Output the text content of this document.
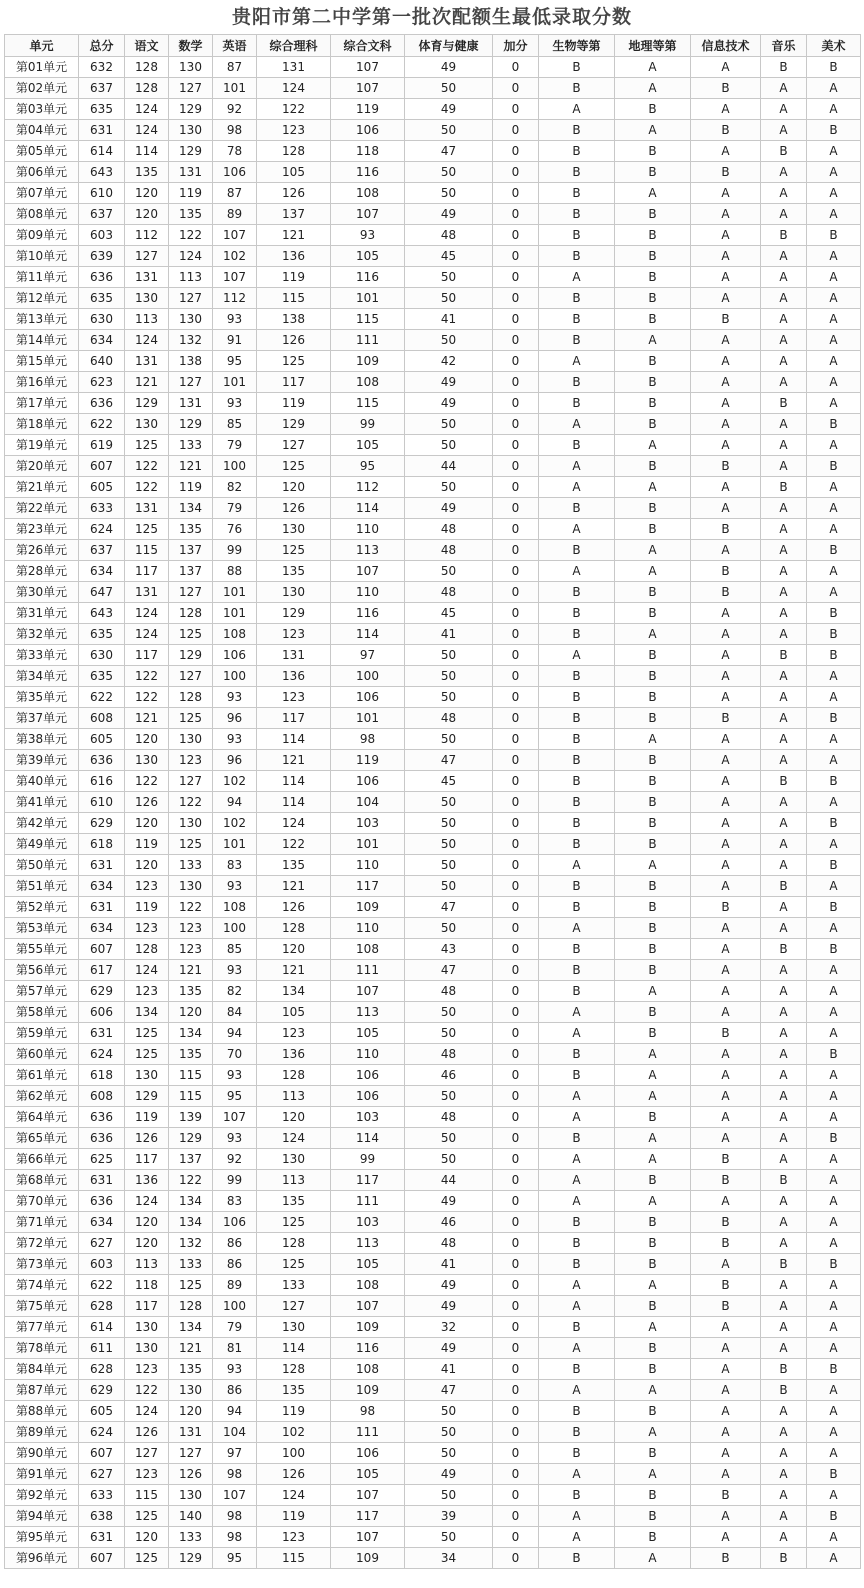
贵阳市第二中学第一批次配额生最低录取分数
单元	总分	语文	数学	英语	综合理科	综合文科	体育与健康	加分	生物等第	地理等第	信息技术	音乐	美术
第01单元	632	128	130	87	131	107	49	0	B	A	A	B	B
第02单元	637	128	127	101	124	107	50	0	B	A	B	A	A
第03单元	635	124	129	92	122	119	49	0	A	B	A	A	A
第04单元	631	124	130	98	123	106	50	0	B	A	B	A	B
第05单元	614	114	129	78	128	118	47	0	B	B	A	B	A
第06单元	643	135	131	106	105	116	50	0	B	B	B	A	A
第07单元	610	120	119	87	126	108	50	0	B	A	A	A	A
第08单元	637	120	135	89	137	107	49	0	B	B	A	A	A
第09单元	603	112	122	107	121	93	48	0	B	B	A	B	B
第10单元	639	127	124	102	136	105	45	0	B	B	A	A	A
第11单元	636	131	113	107	119	116	50	0	A	B	A	A	A
第12单元	635	130	127	112	115	101	50	0	B	B	A	A	A
第13单元	630	113	130	93	138	115	41	0	B	B	B	A	A
第14单元	634	124	132	91	126	111	50	0	B	A	A	A	A
第15单元	640	131	138	95	125	109	42	0	A	B	A	A	A
第16单元	623	121	127	101	117	108	49	0	B	B	A	A	A
第17单元	636	129	131	93	119	115	49	0	B	B	A	B	A
第18单元	622	130	129	85	129	99	50	0	A	B	A	A	B
第19单元	619	125	133	79	127	105	50	0	B	A	A	A	A
第20单元	607	122	121	100	125	95	44	0	A	B	B	A	B
第21单元	605	122	119	82	120	112	50	0	A	A	A	B	A
第22单元	633	131	134	79	126	114	49	0	B	B	A	A	A
第23单元	624	125	135	76	130	110	48	0	A	B	B	A	A
第26单元	637	115	137	99	125	113	48	0	B	A	A	A	B
第28单元	634	117	137	88	135	107	50	0	A	A	B	A	A
第30单元	647	131	127	101	130	110	48	0	B	B	B	A	A
第31单元	643	124	128	101	129	116	45	0	B	B	A	A	B
第32单元	635	124	125	108	123	114	41	0	B	A	A	A	B
第33单元	630	117	129	106	131	97	50	0	A	B	A	B	B
第34单元	635	122	127	100	136	100	50	0	B	B	A	A	A
第35单元	622	122	128	93	123	106	50	0	B	B	A	A	A
第37单元	608	121	125	96	117	101	48	0	B	B	B	A	B
第38单元	605	120	130	93	114	98	50	0	B	A	A	A	A
第39单元	636	130	123	96	121	119	47	0	B	B	A	A	A
第40单元	616	122	127	102	114	106	45	0	B	B	A	B	B
第41单元	610	126	122	94	114	104	50	0	B	B	A	A	A
第42单元	629	120	130	102	124	103	50	0	B	B	A	A	B
第49单元	618	119	125	101	122	101	50	0	B	B	A	A	A
第50单元	631	120	133	83	135	110	50	0	A	A	A	A	B
第51单元	634	123	130	93	121	117	50	0	B	B	A	B	A
第52单元	631	119	122	108	126	109	47	0	B	B	B	A	B
第53单元	634	123	123	100	128	110	50	0	A	B	A	A	A
第55单元	607	128	123	85	120	108	43	0	B	B	A	B	B
第56单元	617	124	121	93	121	111	47	0	B	B	A	A	A
第57单元	629	123	135	82	134	107	48	0	B	A	A	A	A
第58单元	606	134	120	84	105	113	50	0	A	B	A	A	A
第59单元	631	125	134	94	123	105	50	0	A	B	B	A	A
第60单元	624	125	135	70	136	110	48	0	B	A	A	A	B
第61单元	618	130	115	93	128	106	46	0	B	A	A	A	A
第62单元	608	129	115	95	113	106	50	0	A	A	A	A	A
第64单元	636	119	139	107	120	103	48	0	A	B	A	A	A
第65单元	636	126	129	93	124	114	50	0	B	A	A	A	B
第66单元	625	117	137	92	130	99	50	0	A	A	B	A	A
第68单元	631	136	122	99	113	117	44	0	A	B	B	B	A
第70单元	636	124	134	83	135	111	49	0	A	A	A	A	A
第71单元	634	120	134	106	125	103	46	0	B	B	B	A	A
第72单元	627	120	132	86	128	113	48	0	B	B	B	A	A
第73单元	603	113	133	86	125	105	41	0	B	B	A	B	B
第74单元	622	118	125	89	133	108	49	0	A	A	B	A	A
第75单元	628	117	128	100	127	107	49	0	A	B	B	A	A
第77单元	614	130	134	79	130	109	32	0	B	A	A	A	A
第78单元	611	130	121	81	114	116	49	0	A	B	A	A	A
第84单元	628	123	135	93	128	108	41	0	B	B	A	B	B
第87单元	629	122	130	86	135	109	47	0	A	A	A	B	A
第88单元	605	124	120	94	119	98	50	0	B	B	A	A	A
第89单元	624	126	131	104	102	111	50	0	B	A	A	A	A
第90单元	607	127	127	97	100	106	50	0	B	B	A	A	A
第91单元	627	123	126	98	126	105	49	0	A	A	A	A	B
第92单元	633	115	130	107	124	107	50	0	B	B	B	A	A
第94单元	638	125	140	98	119	117	39	0	A	B	A	A	B
第95单元	631	120	133	98	123	107	50	0	A	B	A	A	A
第96单元	607	125	129	95	115	109	34	0	B	A	B	B	A
